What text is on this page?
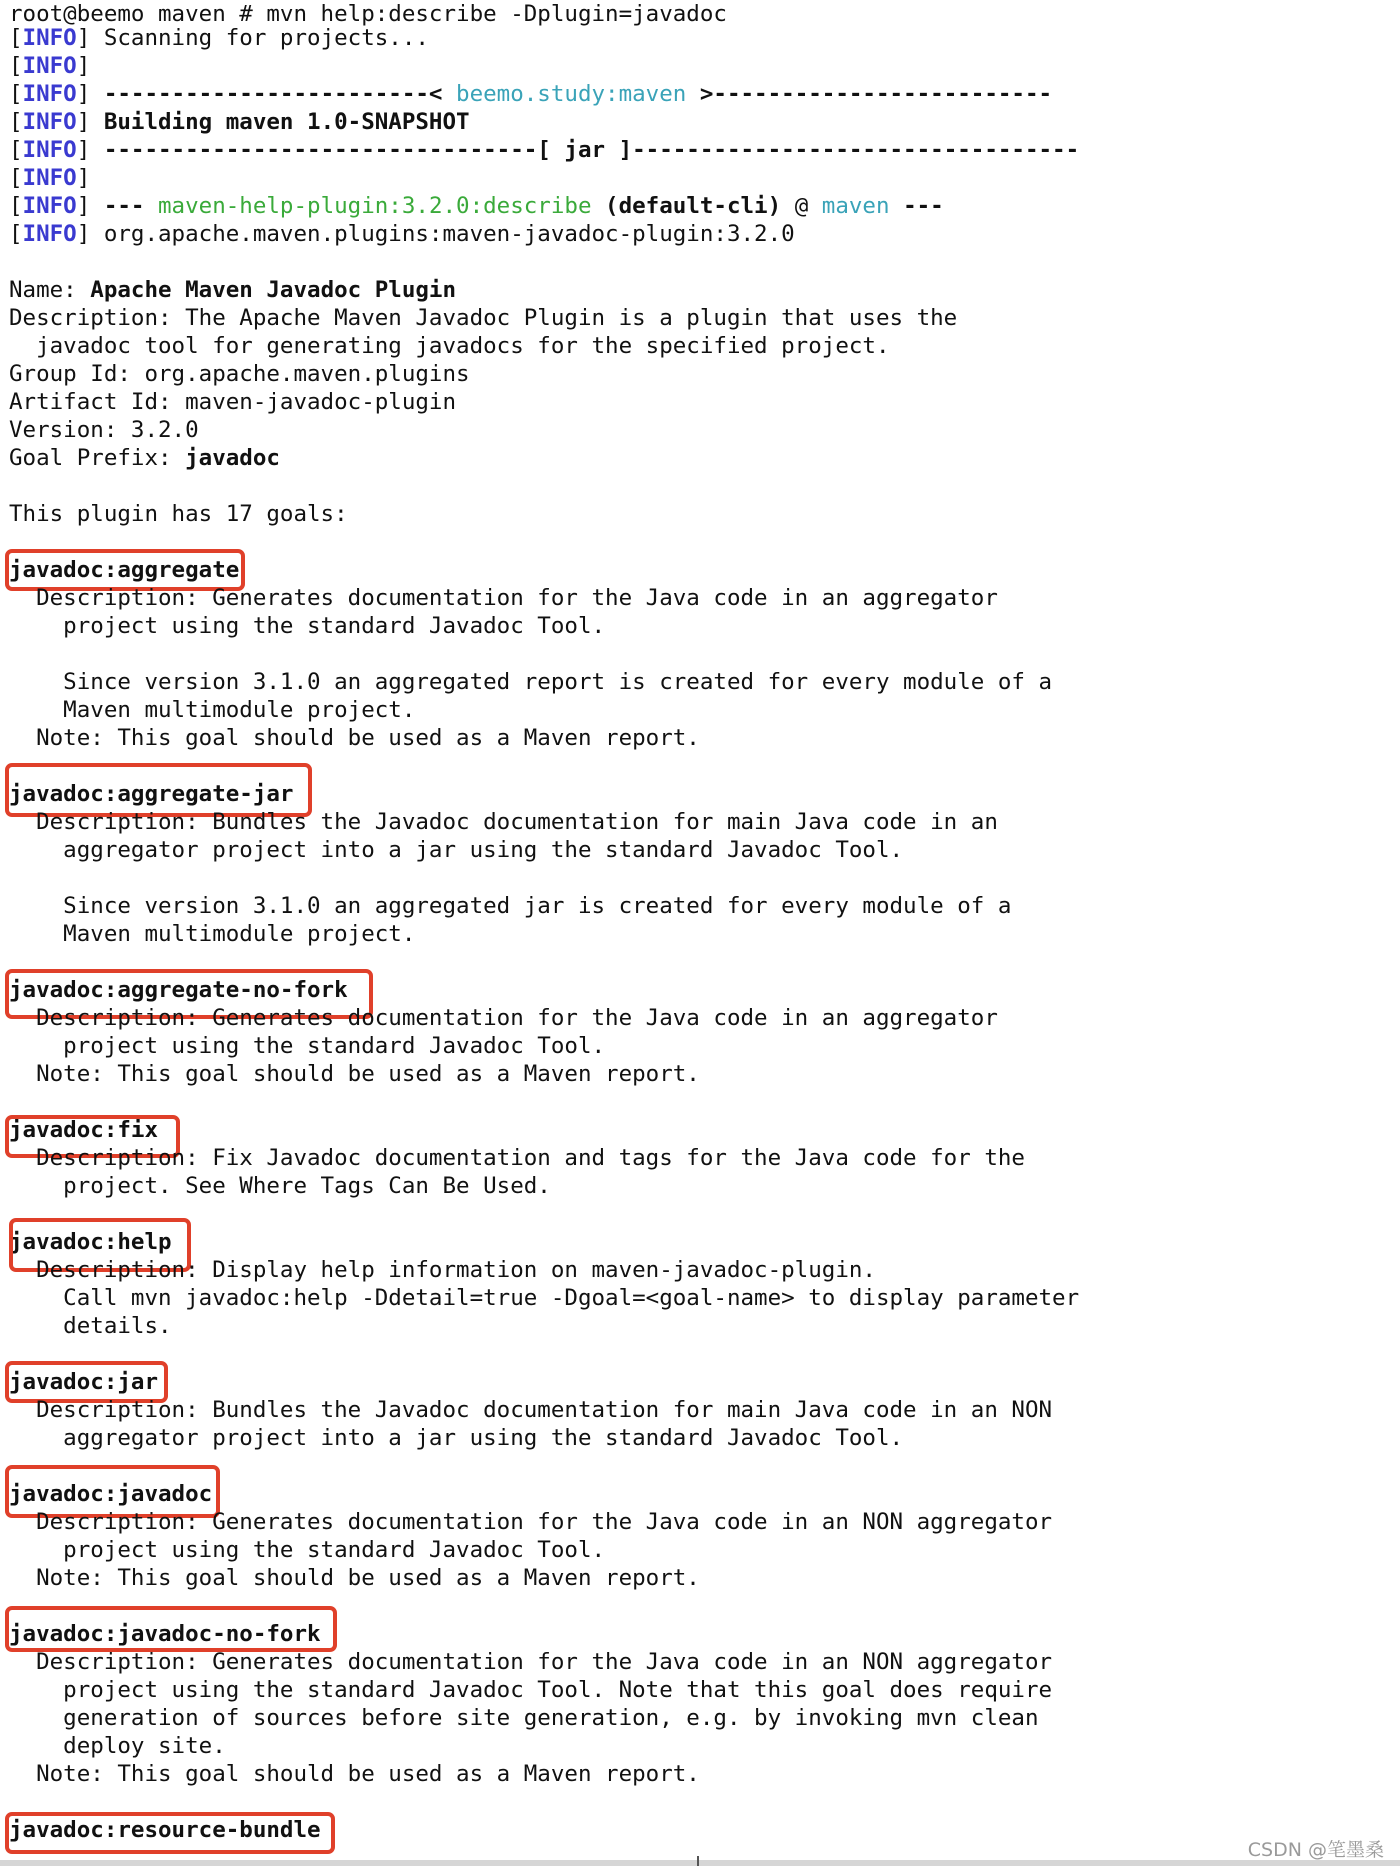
root@beemo maven # mvn help:describe -Dplugin=javadoc
[INFO] Scanning for projects...
[INFO]
[INFO] ------------------------< beemo.study:maven >-------------------------
[INFO] Building maven 1.0-SNAPSHOT
[INFO] --------------------------------[ jar ]---------------------------------
[INFO]
[INFO] --- maven-help-plugin:3.2.0:describe (default-cli) @ maven ---
[INFO] org.apache.maven.plugins:maven-javadoc-plugin:3.2.0
Name: Apache Maven Javadoc Plugin
Description: The Apache Maven Javadoc Plugin is a plugin that uses the
javadoc tool for generating javadocs for the specified project.
Group Id: org.apache.maven.plugins
Artifact Id: maven-javadoc-plugin
Version: 3.2.0
Goal Prefix: javadoc
This plugin has 17 goals:
javadoc:aggregate
Description: Generates documentation for the Java code in an aggregator
project using the standard Javadoc Tool.
Since version 3.1.0 an aggregated report is created for every module of a
Maven multimodule project.
Note: This goal should be used as a Maven report.
javadoc:aggregate-jar
Description: Bundles the Javadoc documentation for main Java code in an
aggregator project into a jar using the standard Javadoc Tool.
Since version 3.1.0 an aggregated jar is created for every module of a
Maven multimodule project.
javadoc:aggregate-no-fork
Description: Generates documentation for the Java code in an aggregator
project using the standard Javadoc Tool.
Note: This goal should be used as a Maven report.
javadoc:fix
Description: Fix Javadoc documentation and tags for the Java code for the
project. See Where Tags Can Be Used.
javadoc:help
Description: Display help information on maven-javadoc-plugin.
Call mvn javadoc:help -Ddetail=true -Dgoal=<goal-name> to display parameter
details.
javadoc:jar
Description: Bundles the Javadoc documentation for main Java code in an NON
aggregator project into a jar using the standard Javadoc Tool.
javadoc:javadoc
Description: Generates documentation for the Java code in an NON aggregator
project using the standard Javadoc Tool.
Note: This goal should be used as a Maven report.
javadoc:javadoc-no-fork
Description: Generates documentation for the Java code in an NON aggregator
project using the standard Javadoc Tool. Note that this goal does require
generation of sources before site generation, e.g. by invoking mvn clean
deploy site.
Note: This goal should be used as a Maven report.
javadoc:resource-bundle
CSDN @笔墨桑
